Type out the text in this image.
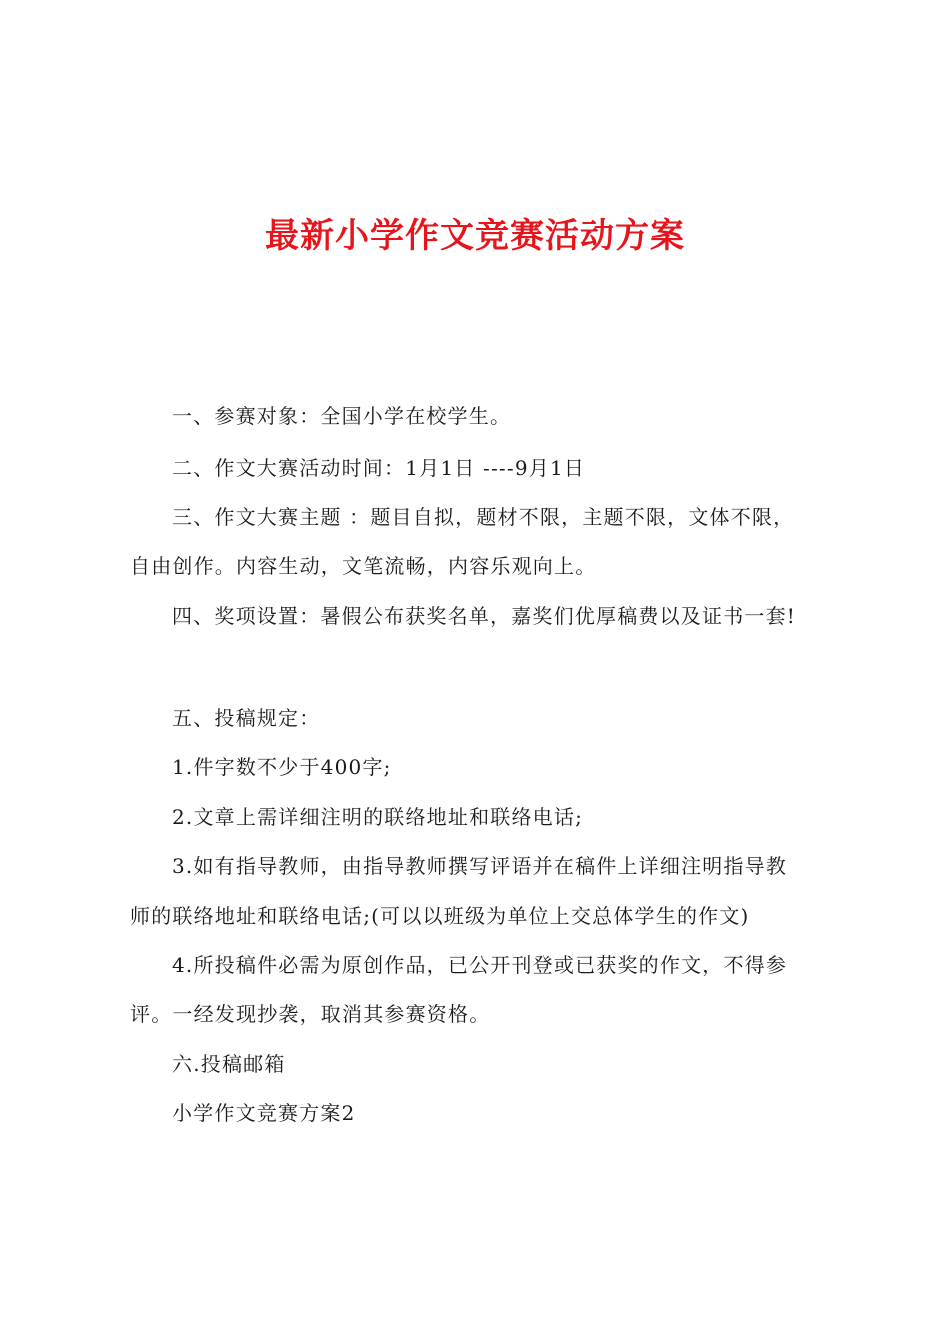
最新小学作文竞赛活动方案
一、参赛对象：全国小学在校学生。
二、作文大赛活动时间：1月1日 ----9月1日
三、作文大赛主题 ：题目自拟，题材不限，主题不限，文体不限，
自由创作。内容生动，文笔流畅，内容乐观向上。
四、奖项设置：暑假公布获奖名单，嘉奖们优厚稿费以及证书一套!
五、投稿规定：
1.件字数不少于400字;
2.文章上需详细注明的联络地址和联络电话;
3.如有指导教师，由指导教师撰写评语并在稿件上详细注明指导教
师的联络地址和联络电话;(可以以班级为单位上交总体学生的作文)
4.所投稿件必需为原创作品，已公开刊登或已获奖的作文，不得参
评。一经发现抄袭，取消其参赛资格。
六.投稿邮箱
小学作文竞赛方案2
